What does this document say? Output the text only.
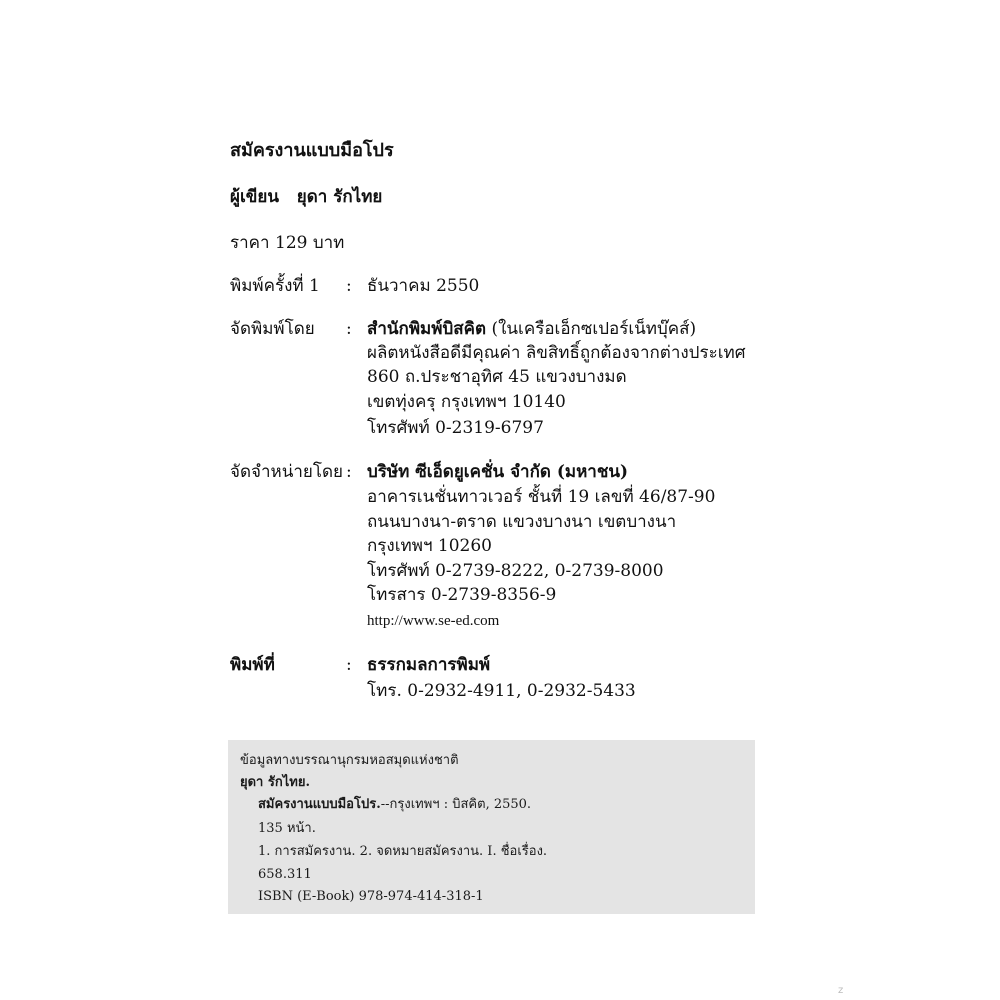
สมัครงานแบบมือโปร
ผู้เขียน ยุดา รักไทย
ราคา 129 บาท
พิมพ์ครั้งที่ 1 : ธันวาคม 2550
จัดพิมพ์โดย : สำนักพิมพ์บิสคิต (ในเครือเอ็กซเปอร์เน็ทบุ๊คส์)
ผลิตหนังสือดีมีคุณค่า ลิขสิทธิ์ถูกต้องจากต่างประเทศ
860 ถ.ประชาอุทิศ 45 แขวงบางมด
เขตทุ่งครุ กรุงเทพฯ 10140
โทรศัพท์ 0-2319-6797
จัดจำหน่ายโดย : บริษัท ซีเอ็ดยูเคชั่น จำกัด (มหาชน)
อาคารเนชั่นทาวเวอร์ ชั้นที่ 19 เลขที่ 46/87-90
ถนนบางนา-ตราด แขวงบางนา เขตบางนา
กรุงเทพฯ 10260
โทรศัพท์ 0-2739-8222, 0-2739-8000
โทรสาร 0-2739-8356-9
http://www.se-ed.com
พิมพ์ที่	: ธรรกมลการพิมพ์
โทร. 0-2932-4911, 0-2932-5433
ข้อมูลทางบรรณานุกรมหอสมุดแห่งชาติ
ยุดา รักไทย.
สมัครงานแบบมือโปร.--กรุงเทพฯ : บิสคิต, 2550.
135 หน้า.
1. การสมัครงาน. 2. จดหมายสมัครงาน. I. ชื่อเรื่อง.
658.311
ISBN (E-Book) 978-974-414-318-1
z
